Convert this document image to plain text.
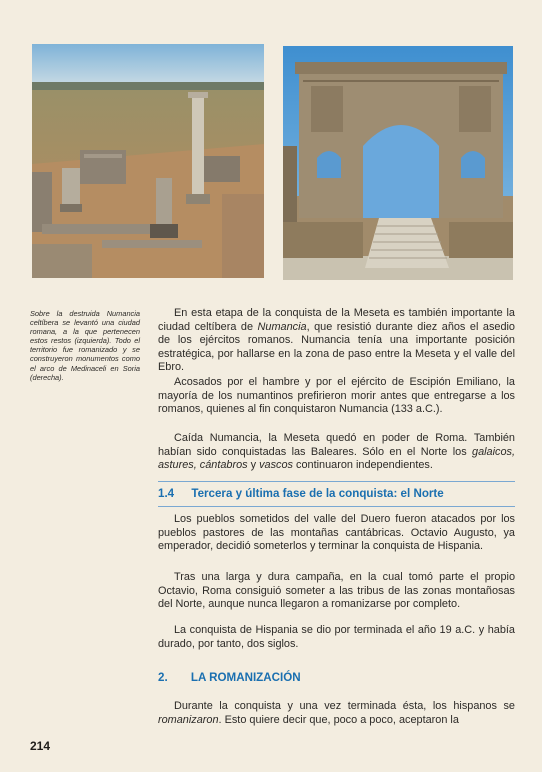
Sobre la destruida Numancia celtíbera se levantó una ciudad romana, a la que pertenecen estos restos (izquierda). Todo el territorio fue romanizado y se construyeron monumentos como el arco de Medinaceli en Soria (derecha).

En esta etapa de la conquista de la Meseta es también importante la ciudad celtíbera de Numancia, que resistió durante diez años el asedio de los ejércitos romanos. Numancia tenía una importante posición estratégica, por hallarse en la zona de paso entre la Meseta y el valle del Ebro.

Acosados por el hambre y por el ejército de Escipión Emiliano, la mayoría de los numantinos prefirieron morir antes que entregarse a los romanos, quienes al fin conquistaron Numancia (133 a.C.).

Caída Numancia, la Meseta quedó en poder de Roma. También habían sido conquistadas las Baleares. Sólo en el Norte los galaicos, astures, cántabros y vascos continuaron independientes.

1.4 Tercera y última fase de la conquista: el Norte

Los pueblos sometidos del valle del Duero fueron atacados por los pueblos pastores de las montañas cantábricas. Octavio Augusto, ya emperador, decidió someterlos y terminar la conquista de Hispania.

Tras una larga y dura campaña, en la cual tomó parte el propio Octavio, Roma consiguió someter a las tribus de las zonas montañosas del Norte, aunque nunca llegaron a romanizarse por completo.

La conquista de Hispania se dio por terminada el año 19 a.C. y había durado, por tanto, dos siglos.

2. LA ROMANIZACIÓN

Durante la conquista y una vez terminada ésta, los hispanos se romanizaron. Esto quiere decir que, poco a poco, aceptaron la

214
